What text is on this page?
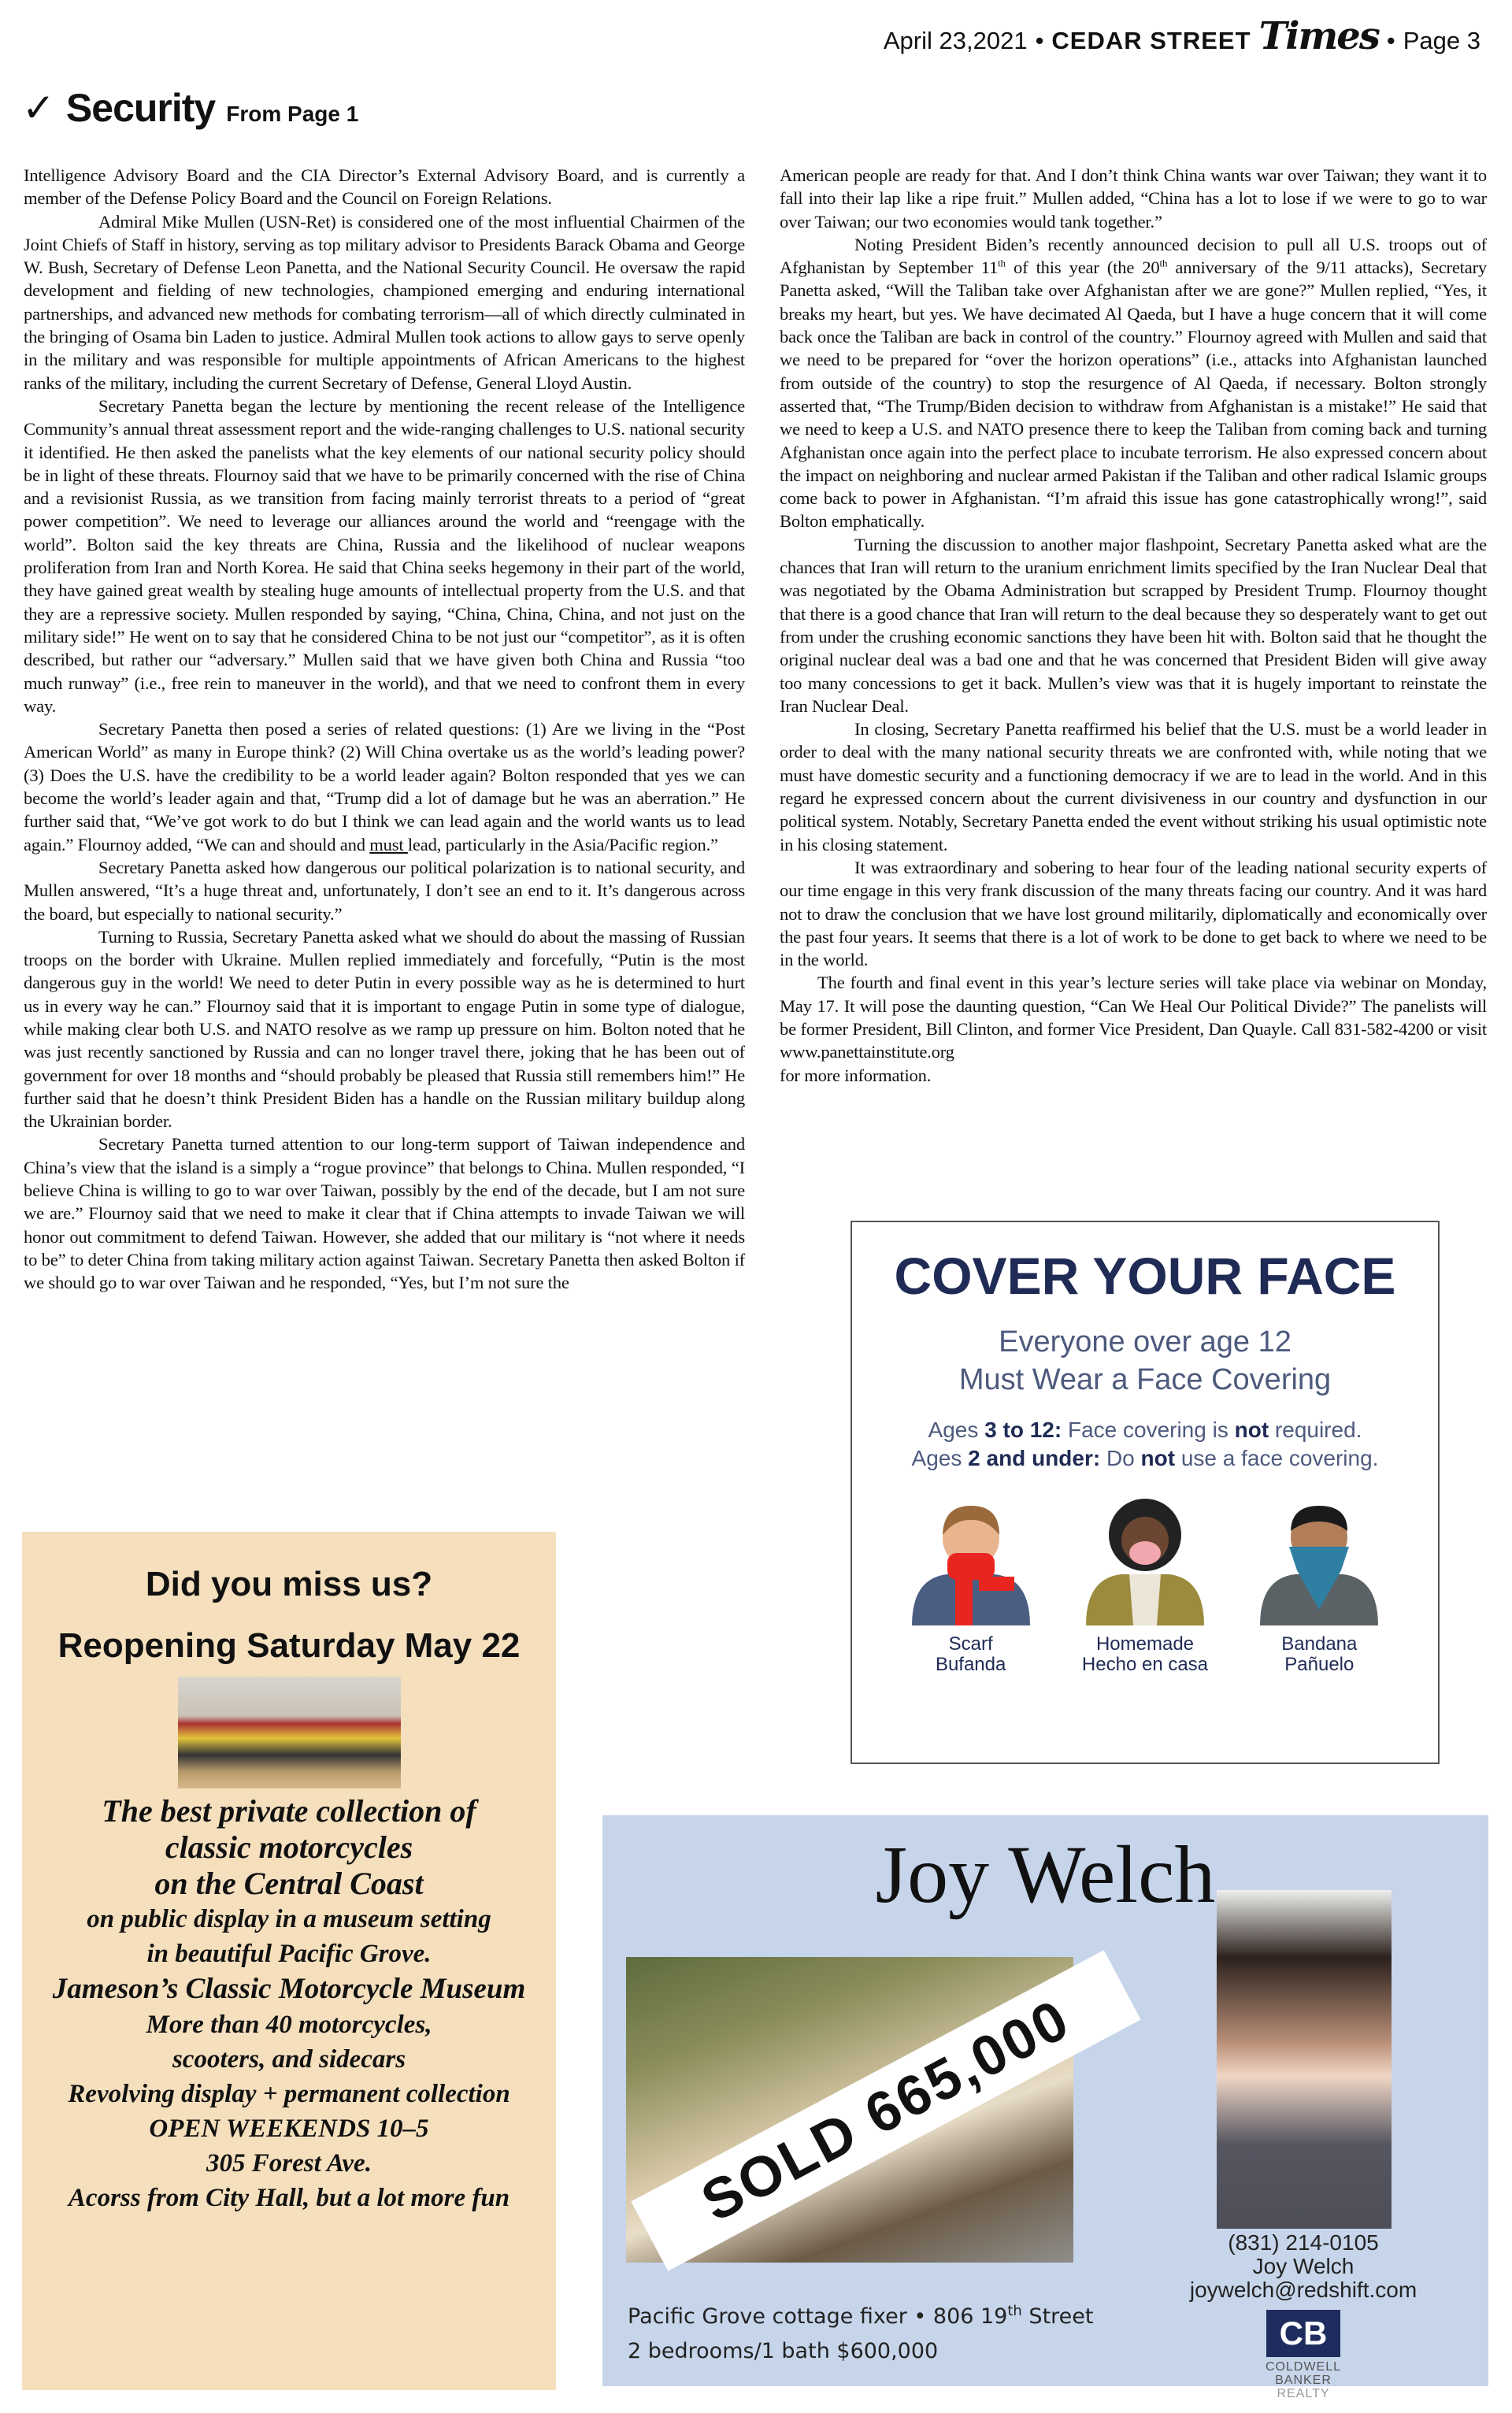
April 23,2021 • CEDAR STREET Times • Page 3
✓ Security From Page 1

Intelligence Advisory Board and the CIA Director’s External Advisory Board, and is currently a member of the Defense Policy Board and the Council on Foreign Relations.

Admiral Mike Mullen (USN-Ret) is considered one of the most influential Chairmen of the Joint Chiefs of Staff in history, serving as top military advisor to Presidents Barack Obama and George W. Bush, Secretary of Defense Leon Panetta, and the National Security Council. He oversaw the rapid development and fielding of new technologies, championed emerging and enduring international partnerships, and advanced new methods for combating terrorism—all of which directly culminated in the bringing of Osama bin Laden to justice. Admiral Mullen took actions to allow gays to serve openly in the military and was responsible for multiple appointments of African Americans to the highest ranks of the military, including the current Secretary of Defense, General Lloyd Austin.

Secretary Panetta began the lecture by mentioning the recent release of the Intelligence Community’s annual threat assessment report and the wide-ranging challenges to U.S. national security it identified. He then asked the panelists what the key elements of our national security policy should be in light of these threats. Flournoy said that we have to be primarily concerned with the rise of China and a revisionist Russia, as we transition from facing mainly terrorist threats to a period of “great power competition”. We need to leverage our alliances around the world and “reengage with the world”. Bolton said the key threats are China, Russia and the likelihood of nuclear weapons proliferation from Iran and North Korea. He said that China seeks hegemony in their part of the world, they have gained great wealth by stealing huge amounts of intellectual property from the U.S. and that they are a repressive society. Mullen responded by saying, “China, China, China, and not just on the military side!” He went on to say that he considered China to be not just our “competitor”, as it is often described, but rather our “adversary.” Mullen said that we have given both China and Russia “too much runway” (i.e., free rein to maneuver in the world), and that we need to confront them in every way.

Secretary Panetta then posed a series of related questions: (1) Are we living in the “Post American World” as many in Europe think? (2) Will China overtake us as the world’s leading power? (3) Does the U.S. have the credibility to be a world leader again? Bolton responded that yes we can become the world’s leader again and that, “Trump did a lot of damage but he was an aberration.” He further said that, “We’ve got work to do but I think we can lead again and the world wants us to lead again.” Flournoy added, “We can and should and must lead, particularly in the Asia/Pacific region.”

Secretary Panetta asked how dangerous our political polarization is to national security, and Mullen answered, “It’s a huge threat and, unfortunately, I don’t see an end to it. It’s dangerous across the board, but especially to national security.”

Turning to Russia, Secretary Panetta asked what we should do about the massing of Russian troops on the border with Ukraine. Mullen replied immediately and forcefully, “Putin is the most dangerous guy in the world! We need to deter Putin in every possible way as he is determined to hurt us in every way he can.” Flournoy said that it is important to engage Putin in some type of dialogue, while making clear both U.S. and NATO resolve as we ramp up pressure on him. Bolton noted that he was just recently sanctioned by Russia and can no longer travel there, joking that he has been out of government for over 18 months and “should probably be pleased that Russia still remembers him!” He further said that he doesn’t think President Biden has a handle on the Russian military buildup along the Ukrainian border.

Secretary Panetta turned attention to our long-term support of Taiwan independence and China’s view that the island is a simply a “rogue province” that belongs to China. Mullen responded, “I believe China is willing to go to war over Taiwan, possibly by the end of the decade, but I am not sure we are.” Flournoy said that we need to make it clear that if China attempts to invade Taiwan we will honor out commitment to defend Taiwan. However, she added that our military is “not where it needs to be” to deter China from taking military action against Taiwan. Secretary Panetta then asked Bolton if we should go to war over Taiwan and he responded, “Yes, but I’m not sure the

American people are ready for that. And I don’t think China wants war over Taiwan; they want it to fall into their lap like a ripe fruit.” Mullen added, “China has a lot to lose if we were to go to war over Taiwan; our two economies would tank together.”

Noting President Biden’s recently announced decision to pull all U.S. troops out of Afghanistan by September 11th of this year (the 20th anniversary of the 9/11 attacks), Secretary Panetta asked, “Will the Taliban take over Afghanistan after we are gone?” Mullen replied, “Yes, it breaks my heart, but yes. We have decimated Al Qaeda, but I have a huge concern that it will come back once the Taliban are back in control of the country.” Flournoy agreed with Mullen and said that we need to be prepared for “over the horizon operations” (i.e., attacks into Afghanistan launched from outside of the country) to stop the resurgence of Al Qaeda, if necessary. Bolton strongly asserted that, “The Trump/Biden decision to withdraw from Afghanistan is a mistake!” He said that we need to keep a U.S. and NATO presence there to keep the Taliban from coming back and turning Afghanistan once again into the perfect place to incubate terrorism. He also expressed concern about the impact on neighboring and nuclear armed Pakistan if the Taliban and other radical Islamic groups come back to power in Afghanistan. “I’m afraid this issue has gone catastrophically wrong!”, said Bolton emphatically.

Turning the discussion to another major flashpoint, Secretary Panetta asked what are the chances that Iran will return to the uranium enrichment limits specified by the Iran Nuclear Deal that was negotiated by the Obama Administration but scrapped by President Trump. Flournoy thought that there is a good chance that Iran will return to the deal because they so desperately want to get out from under the crushing economic sanctions they have been hit with. Bolton said that he thought the original nuclear deal was a bad one and that he was concerned that President Biden will give away too many concessions to get it back. Mullen’s view was that it is hugely important to reinstate the Iran Nuclear Deal.

In closing, Secretary Panetta reaffirmed his belief that the U.S. must be a world leader in order to deal with the many national security threats we are confronted with, while noting that we must have domestic security and a functioning democracy if we are to lead in the world. And in this regard he expressed concern about the current divisiveness in our country and dysfunction in our political system. Notably, Secretary Panetta ended the event without striking his usual optimistic note in his closing statement.

It was extraordinary and sobering to hear four of the leading national security experts of our time engage in this very frank discussion of the many threats facing our country. And it was hard not to draw the conclusion that we have lost ground militarily, diplomatically and economically over the past four years. It seems that there is a lot of work to be done to get back to where we need to be in the world.

The fourth and final event in this year’s lecture series will take place via webinar on Monday, May 17. It will pose the daunting question, “Can We Heal Our Political Divide?” The panelists will be former President, Bill Clinton, and former Vice President, Dan Quayle. Call 831-582-4200 or visit www.panettainstitute.org

for more information.

COVER YOUR FACE
Everyone over age 12
Must Wear a Face Covering
Ages 3 to 12: Face covering is not required.
Ages 2 and under: Do not use a face covering.
Scarf
Bufanda
Homemade
Hecho en casa
Bandana
Pañuelo
Did you miss us?
Reopening Saturday May 22
The best private collection of
classic motorcycles
on the Central Coast
on public display in a museum setting
in beautiful Pacific Grove.
Jameson’s Classic Motorcycle Museum
More than 40 motorcycles,
scooters, and sidecars
Revolving display + permanent collection
OPEN WEEKENDS 10–5
305 Forest Ave.
Acorss from City Hall, but a lot more fun
Joy Welch
SOLD 665,000
(831) 214-0105
Joy Welch
joywelch@redshift.com
CB
Pacific Grove cottage fixer • 806 19th Street
2 bedrooms/1 bath $600,000
COLDWELL
BANKER
REALTY
